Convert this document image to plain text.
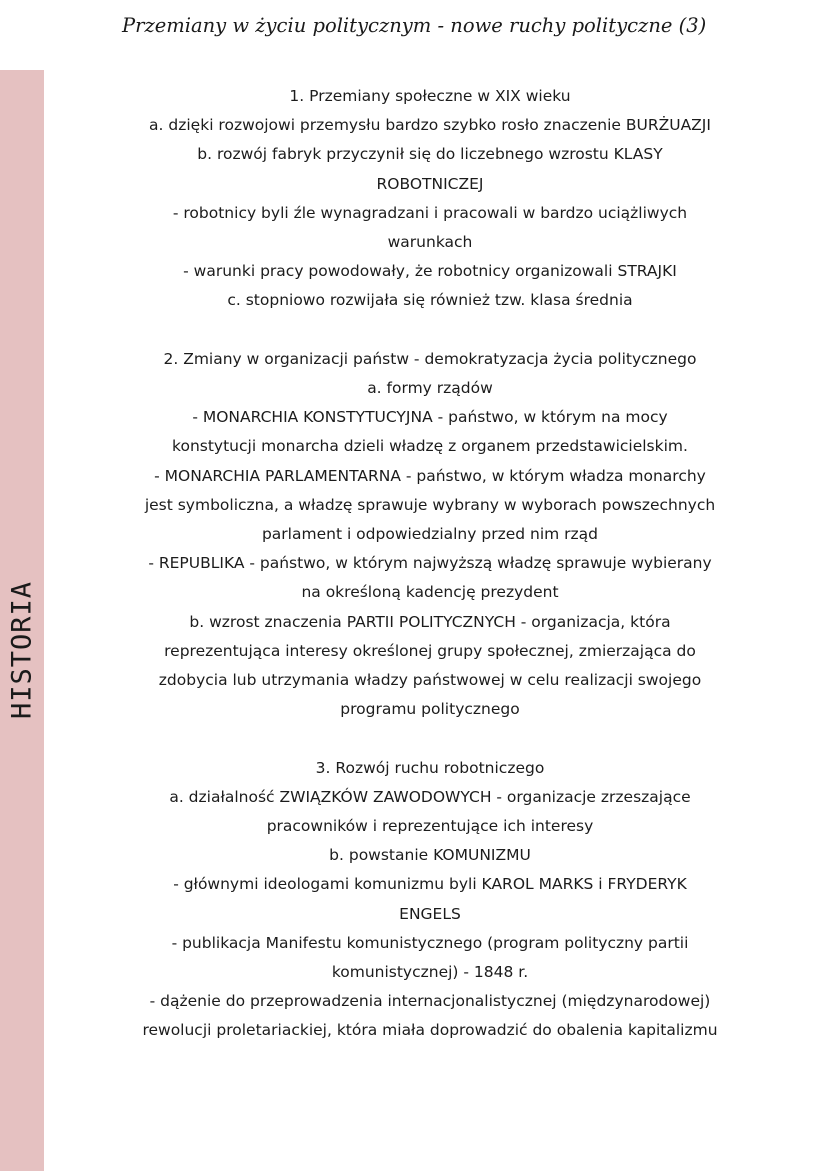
Przemiany w życiu politycznym - nowe ruchy polityczne (3)
HISTORIA
1. Przemiany społeczne w XIX wieku
a. dzięki rozwojowi przemysłu bardzo szybko rosło znaczenie BURŻUAZJI
b. rozwój fabryk przyczynił się do liczebnego wzrostu KLASY
ROBOTNICZEJ
- robotnicy byli źle wynagradzani i pracowali w bardzo uciążliwych
warunkach
- warunki pracy powodowały, że robotnicy organizowali STRAJKI
c. stopniowo rozwijała się również tzw. klasa średnia
2. Zmiany w organizacji państw - demokratyzacja życia politycznego
a. formy rządów
- MONARCHIA KONSTYTUCYJNA - państwo, w którym na mocy
konstytucji monarcha dzieli władzę z organem przedstawicielskim.
- MONARCHIA PARLAMENTARNA - państwo, w którym władza monarchy
jest symboliczna, a władzę sprawuje wybrany w wyborach powszechnych
parlament i odpowiedzialny przed nim rząd
- REPUBLIKA - państwo, w którym najwyższą władzę sprawuje wybierany
na określoną kadencję prezydent
b. wzrost znaczenia PARTII POLITYCZNYCH - organizacja, która
reprezentująca interesy określonej grupy społecznej, zmierzająca do
zdobycia lub utrzymania władzy państwowej w celu realizacji swojego
programu politycznego
3. Rozwój ruchu robotniczego
a. działalność ZWIĄZKÓW ZAWODOWYCH - organizacje zrzeszające
pracowników i reprezentujące ich interesy
b. powstanie KOMUNIZMU
- głównymi ideologami komunizmu byli KAROL MARKS i FRYDERYK
ENGELS
- publikacja Manifestu komunistycznego (program polityczny partii
komunistycznej) - 1848 r.
- dążenie do przeprowadzenia internacjonalistycznej (międzynarodowej)
rewolucji proletariackiej, która miała doprowadzić do obalenia kapitalizmu
